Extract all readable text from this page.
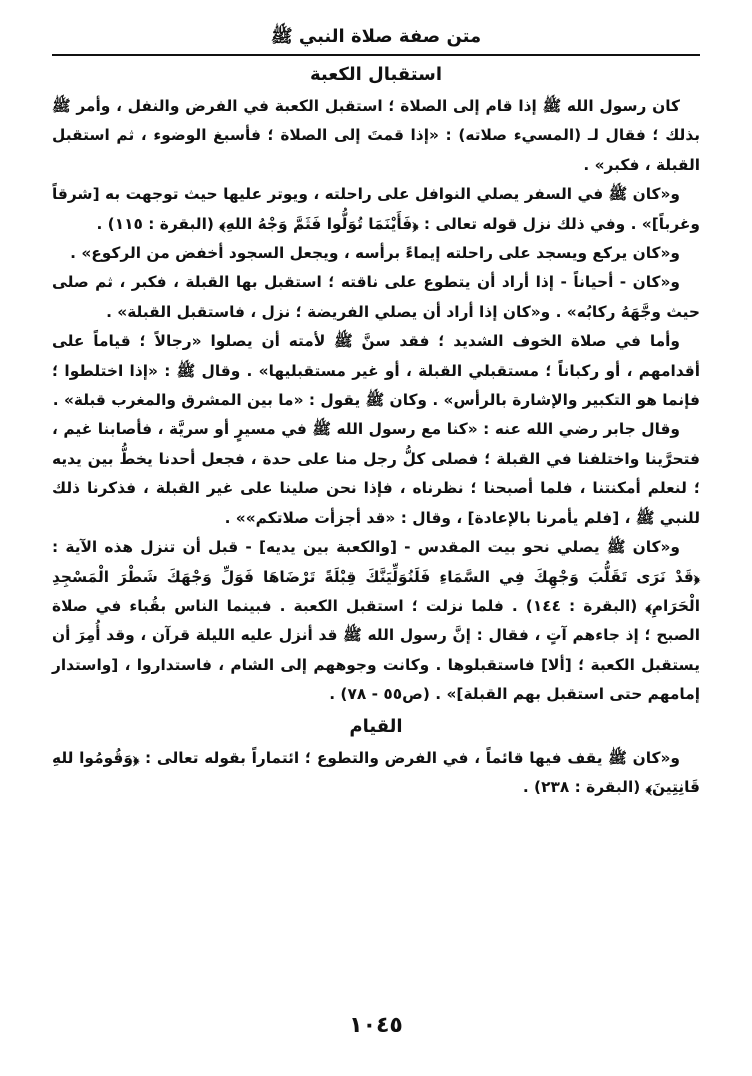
متن صفة صلاة النبي ﷺ
استقبال الكعبة

كان رسول الله ﷺ إذا قام إلى الصلاة ؛ استقبل الكعبة في الفرض والنفل ، وأمر ﷺ بذلك ؛ فقال لـ (المسيء صلاته) : «إذا قمتَ إلى الصلاة ؛ فأسبغ الوضوء ، ثم استقبل القبلة ، فكبر» .

و«كان ﷺ في السفر يصلي النوافل على راحلته ، ويوتر عليها حيث توجهت به [شرقاً وغرباً]» . وفي ذلك نزل قوله تعالى : ﴿فَأَيْنَمَا تُوَلُّوا فَثَمَّ وَجْهُ اللهِ﴾ (البقرة : ١١٥) .

و«كان يركع ويسجد على راحلته إيماءً برأسه ، ويجعل السجود أخفض من الركوع» .

و«كان - أحياناً - إذا أراد أن يتطوع على ناقته ؛ استقبل بها القبلة ، فكبر ، ثم صلى حيث وجَّهَهُ ركابُه» . و«كان إذا أراد أن يصلي الفريضة ؛ نزل ، فاستقبل القبلة» .

وأما في صلاة الخوف الشديد ؛ فقد سنَّ ﷺ لأمته أن يصلوا «رجالاً ؛ قياماً على أقدامهم ، أو ركباناً ؛ مستقبلي القبلة ، أو غير مستقبليها» . وقال ﷺ : «إذا اختلطوا ؛ فإنما هو التكبير والإشارة بالرأس» . وكان ﷺ يقول : «ما بين المشرق والمغرب قبلة» .

وقال جابر رضي الله عنه : «كنا مع رسول الله ﷺ في مسيرٍ أو سريَّة ، فأصابنا غيم ، فتحرَّينا واختلفنا في القبلة ؛ فصلى كلُّ رجل منا على حدة ، فجعل أحدنا يخطُّ بين يديه ؛ لنعلم أمكنتنا ، فلما أصبحنا ؛ نظرناه ، فإذا نحن صلينا على غير القبلة ، فذكرنا ذلك للنبي ﷺ ، [فلم يأمرنا بالإعادة] ، وقال : «قد أجزأت صلاتكم»» .

و«كان ﷺ يصلي نحو بيت المقدس - [والكعبة بين يديه] - قبل أن تنزل هذه الآية : ﴿قَدْ نَرَى تَقَلُّبَ وَجْهِكَ فِي السَّمَاءِ فَلَنُوَلِّيَنَّكَ قِبْلَةً تَرْضَاهَا فَوَلِّ وَجْهَكَ شَطْرَ الْمَسْجِدِ الْحَرَامِ﴾ (البقرة : ١٤٤) . فلما نزلت ؛ استقبل الكعبة . فبينما الناس بقُباء في صلاة الصبح ؛ إذ جاءهم آتٍ ، فقال : إنَّ رسول الله ﷺ قد أنزل عليه الليلة قرآن ، وقد أُمِرَ أن يستقبل الكعبة ؛ [ألا] فاستقبلوها . وكانت وجوههم إلى الشام ، فاستداروا ، [واستدار إمامهم حتى استقبل بهم القبلة]» . (ص٥٥ - ٧٨) .

القيام

و«كان ﷺ يقف فيها قائماً ، في الفرض والتطوع ؛ ائتماراً بقوله تعالى : ﴿وَقُومُوا للهِ قَانِتِينَ﴾ (البقرة : ٢٣٨) .

١٠٤٥
